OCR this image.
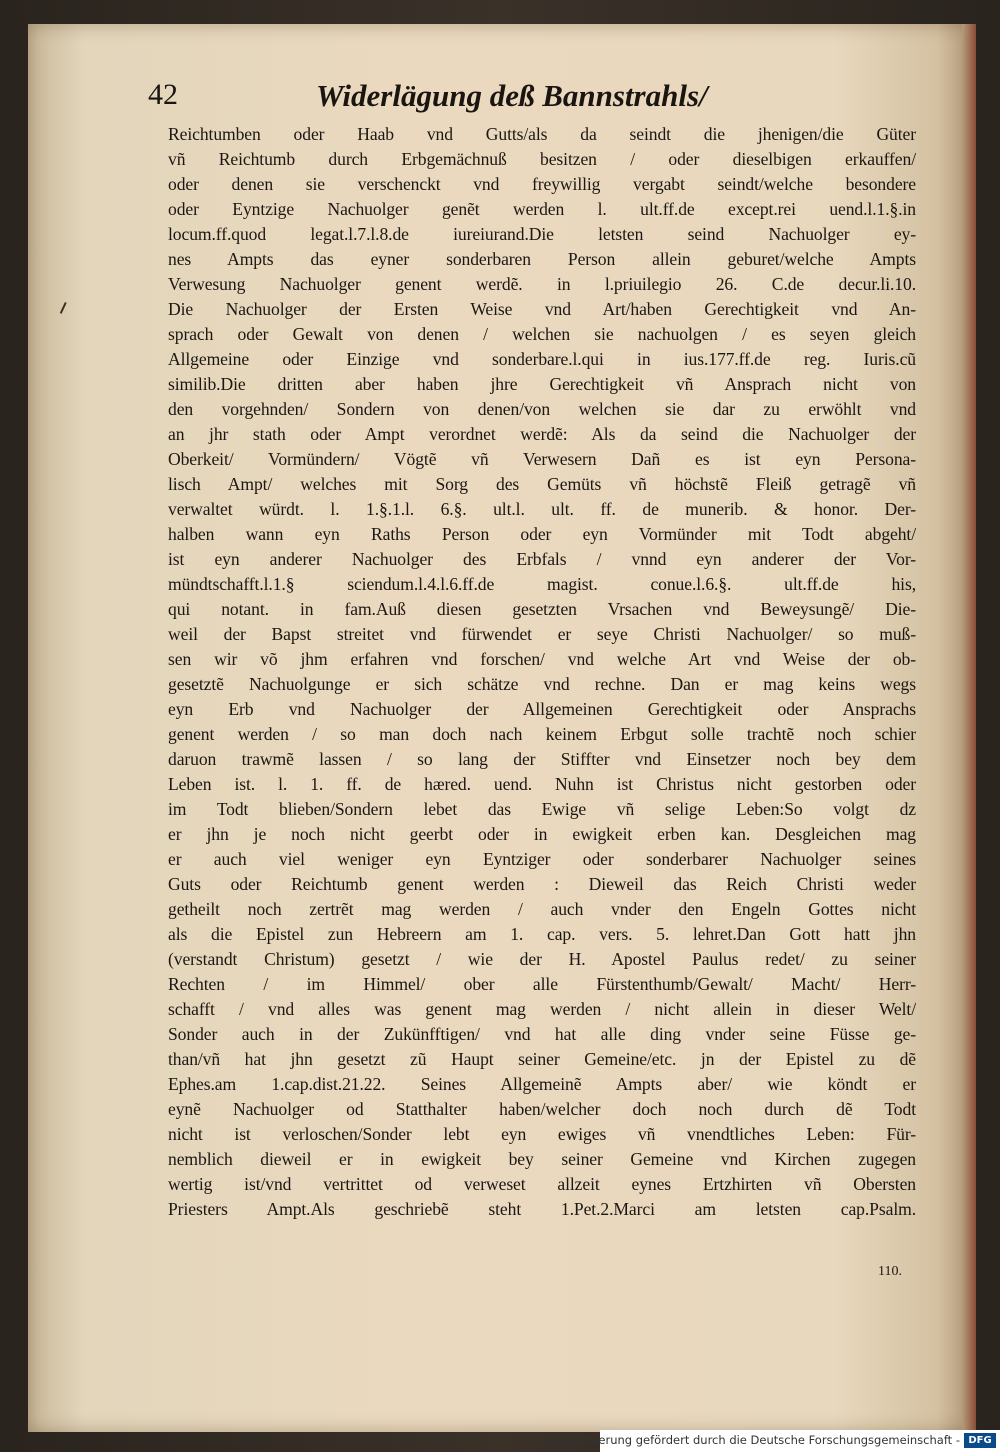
42	Widerlägung deß Bannstrahls/
Reichtumben oder Haab vnd Gutts/als da seindt die jhenigen/die Güter
vñ Reichtumb durch Erbgemächnuß besitzen / oder dieselbigen erkauffen/
oder denen sie verschenckt vnd freywillig vergabt seindt/welche besondere
oder Eyntzige Nachuolger genẽt werden l. ult.ff.de except.rei uend.l.1.§.in
locum.ff.quod legat.l.7.l.8.de iureiurand.Die letsten seind Nachuolger ey-
nes Ampts das eyner sonderbaren Person allein geburet/welche Ampts
Verwesung Nachuolger genent werdẽ. in l.priuilegio 26. C.de decur.li.10.
Die Nachuolger der Ersten Weise vnd Art/haben Gerechtigkeit vnd An-
sprach oder Gewalt von denen / welchen sie nachuolgen / es seyen gleich
Allgemeine oder Einzige vnd sonderbare.l.qui in ius.177.ff.de reg. Iuris.cũ
similib.Die dritten aber haben jhre Gerechtigkeit vñ Ansprach nicht von
den vorgehnden/ Sondern von denen/von welchen sie dar zu erwöhlt vnd
an jhr stath oder Ampt verordnet werdẽ: Als da seind die Nachuolger der
Oberkeit/ Vormündern/ Vögtẽ vñ Verwesern Dañ es ist eyn Persona-
lisch Ampt/ welches mit Sorg des Gemüts vñ höchstẽ Fleiß getragẽ vñ
verwaltet würdt. l. 1.§.1.l. 6.§. ult.l. ult. ff. de munerib. & honor. Der-
halben wann eyn Raths Person oder eyn Vormünder mit Todt abgeht/
ist eyn anderer Nachuolger des Erbfals / vnnd eyn anderer der Vor-
mündtschafft.l.1.§ sciendum.l.4.l.6.ff.de magist. conue.l.6.§. ult.ff.de his,
qui notant. in fam.Auß diesen gesetzten Vrsachen vnd Beweysungẽ/ Die-
weil der Bapst streitet vnd fürwendet er seye Christi Nachuolger/ so muß-
sen wir võ jhm erfahren vnd forschen/ vnd welche Art vnd Weise der ob-
gesetztẽ Nachuolgunge er sich schätze vnd rechne. Dan er mag keins wegs
eyn Erb vnd Nachuolger der Allgemeinen Gerechtigkeit oder Ansprachs
genent werden / so man doch nach keinem Erbgut solle trachtẽ noch schier
daruon trawmẽ lassen / so lang der Stiffter vnd Einsetzer noch bey dem
Leben ist. l. 1. ff. de hæred. uend. Nuhn ist Christus nicht gestorben oder
im Todt blieben/Sondern lebet das Ewige vñ selige Leben:So volgt dz
er jhn je noch nicht geerbt oder in ewigkeit erben kan. Desgleichen mag
er auch viel weniger eyn Eyntziger oder sonderbarer Nachuolger seines
Guts oder Reichtumb genent werden : Dieweil das Reich Christi weder
getheilt noch zertrẽt mag werden / auch vnder den Engeln Gottes nicht
als die Epistel zun Hebreern am 1. cap. vers. 5. lehret.Dan Gott hatt jhn
(verstandt Christum) gesetzt / wie der H. Apostel Paulus redet/ zu seiner
Rechten / im Himmel/ ober alle Fürstenthumb/Gewalt/ Macht/ Herr-
schafft / vnd alles was genent mag werden / nicht allein in dieser Welt/
Sonder auch in der Zukünfftigen/ vnd hat alle ding vnder seine Füsse ge-
than/vñ hat jhn gesetzt zũ Haupt seiner Gemeine/etc. jn der Epistel zu dẽ
Ephes.am 1.cap.dist.21.22. Seines Allgemeinẽ Ampts aber/ wie köndt er
eynẽ Nachuolger od Statthalter haben/welcher doch noch durch dẽ Todt
nicht ist verloschen/Sonder lebt eyn ewiges vñ vnendtliches Leben: Für-
nemblich dieweil er in ewigkeit bey seiner Gemeine vnd Kirchen zugegen
wertig ist/vnd vertrittet od verweset allzeit eynes Ertzhirten vñ Obersten
Priesters Ampt.Als geschriebẽ steht 1.Pet.2.Marci am letsten cap.Psalm.
110.
Digitalisierung gefördert durch die Deutsche Forschungsgemeinschaft - DFG
